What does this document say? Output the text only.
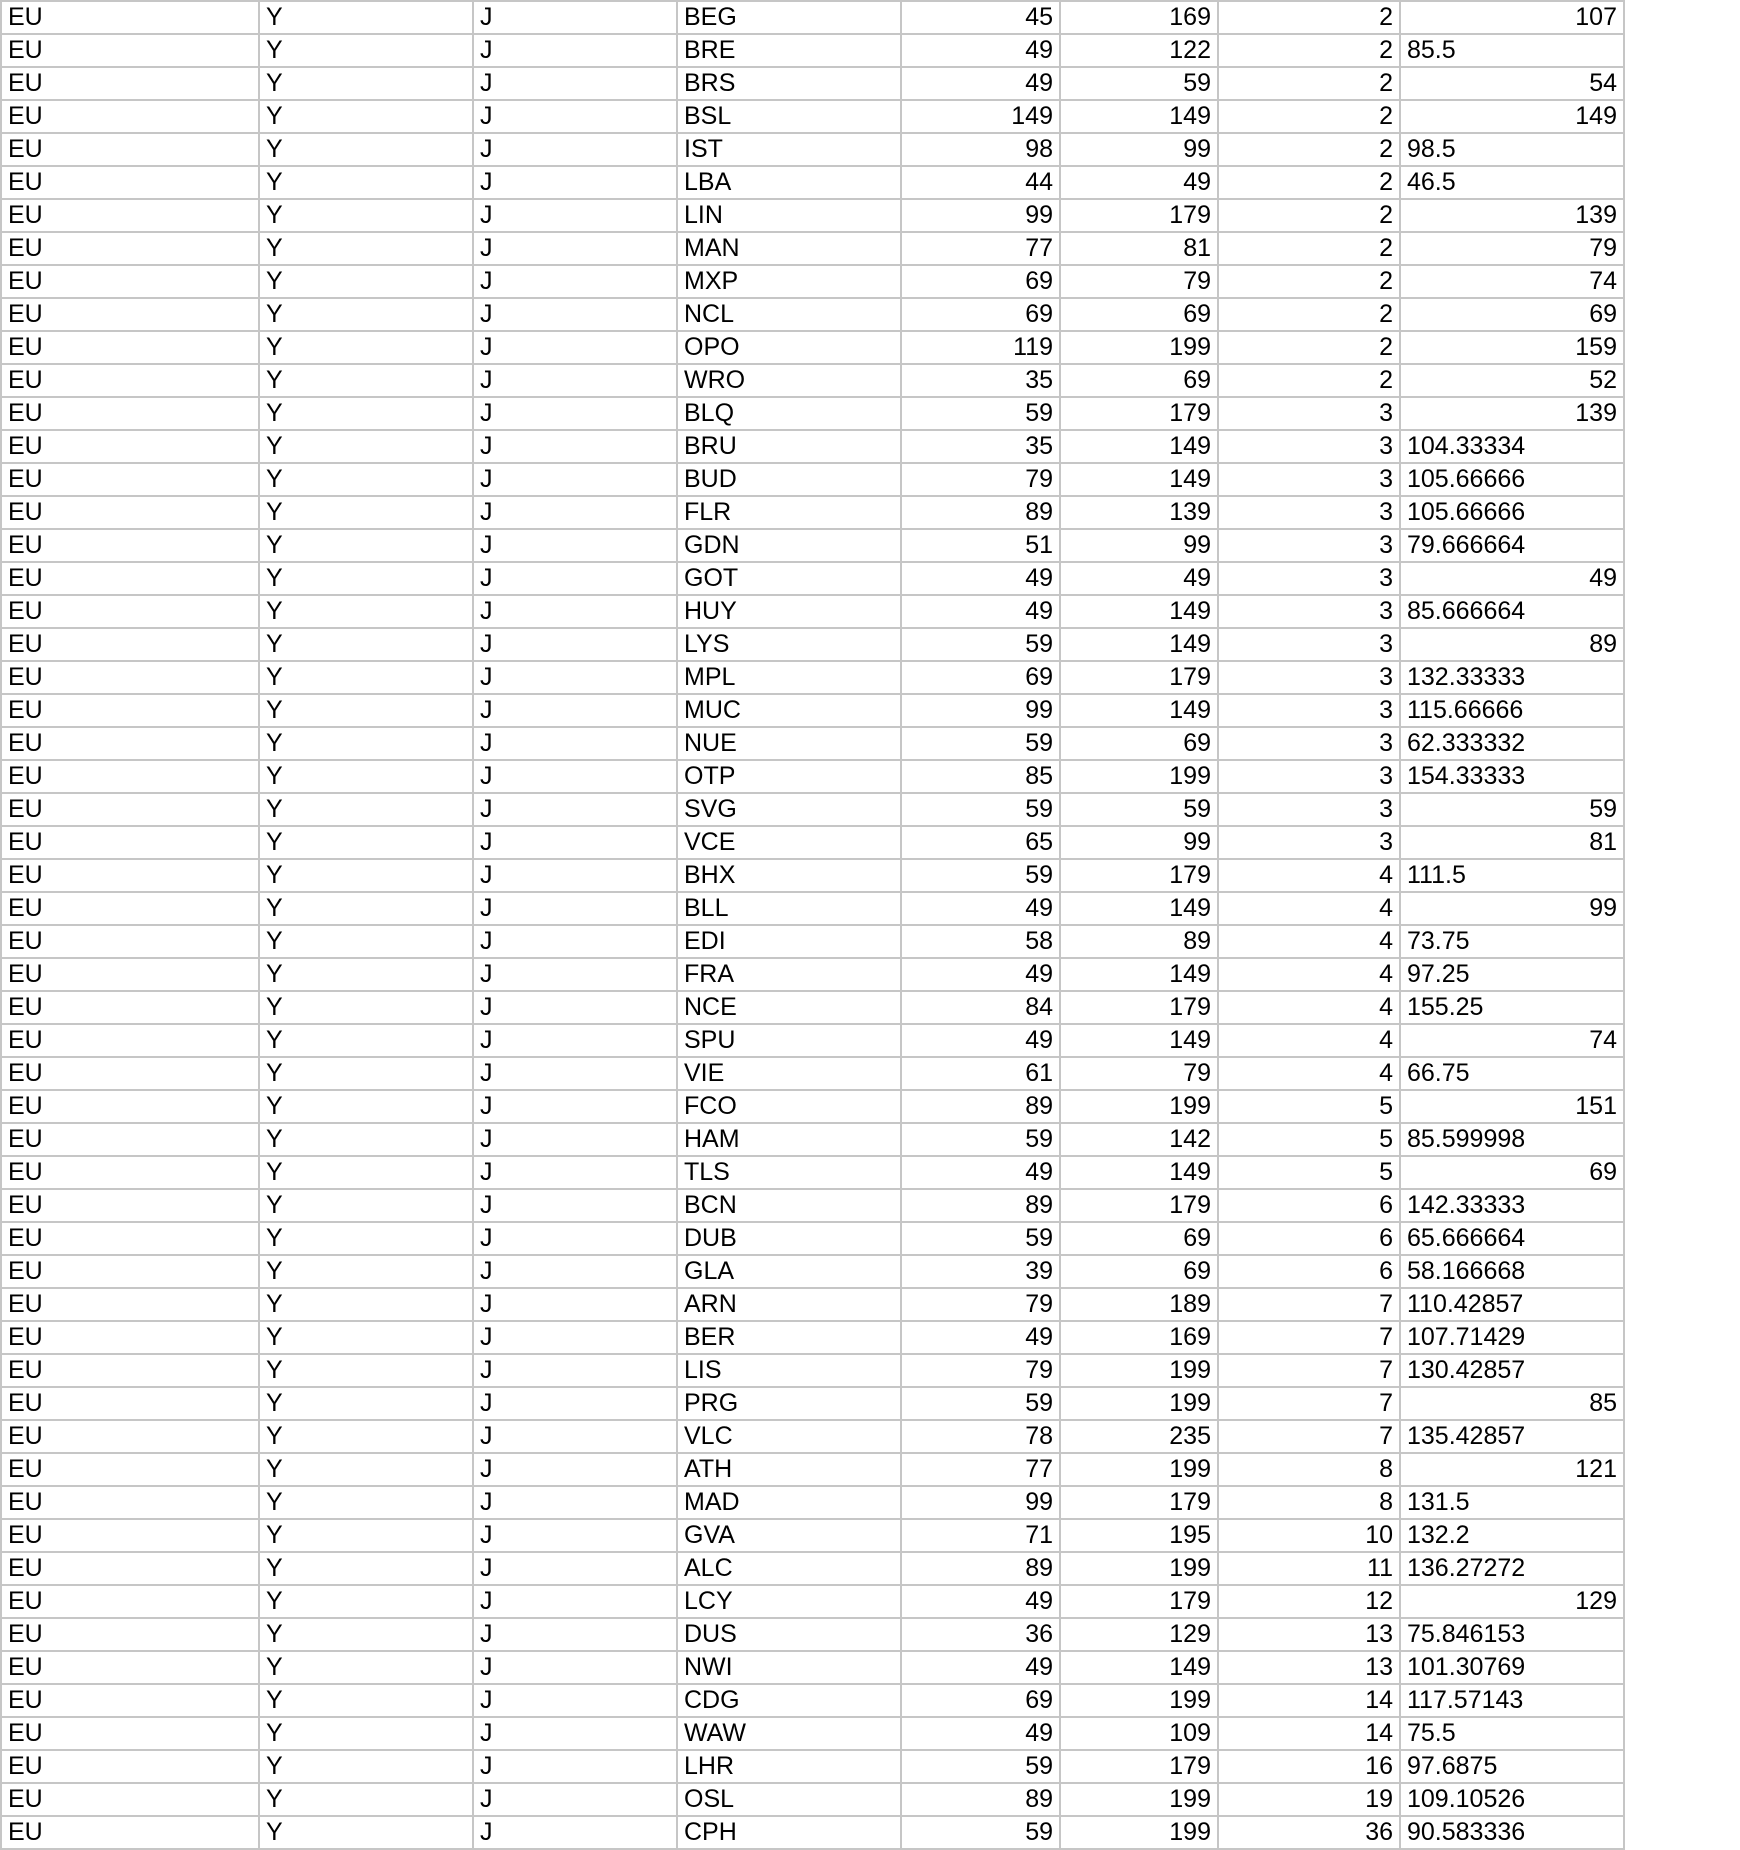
EU	Y	J	BEG	45	169	2	107
EU	Y	J	BRE	49	122	2	85.5
EU	Y	J	BRS	49	59	2	54
EU	Y	J	BSL	149	149	2	149
EU	Y	J	IST	98	99	2	98.5
EU	Y	J	LBA	44	49	2	46.5
EU	Y	J	LIN	99	179	2	139
EU	Y	J	MAN	77	81	2	79
EU	Y	J	MXP	69	79	2	74
EU	Y	J	NCL	69	69	2	69
EU	Y	J	OPO	119	199	2	159
EU	Y	J	WRO	35	69	2	52
EU	Y	J	BLQ	59	179	3	139
EU	Y	J	BRU	35	149	3	104.33334
EU	Y	J	BUD	79	149	3	105.66666
EU	Y	J	FLR	89	139	3	105.66666
EU	Y	J	GDN	51	99	3	79.666664
EU	Y	J	GOT	49	49	3	49
EU	Y	J	HUY	49	149	3	85.666664
EU	Y	J	LYS	59	149	3	89
EU	Y	J	MPL	69	179	3	132.33333
EU	Y	J	MUC	99	149	3	115.66666
EU	Y	J	NUE	59	69	3	62.333332
EU	Y	J	OTP	85	199	3	154.33333
EU	Y	J	SVG	59	59	3	59
EU	Y	J	VCE	65	99	3	81
EU	Y	J	BHX	59	179	4	111.5
EU	Y	J	BLL	49	149	4	99
EU	Y	J	EDI	58	89	4	73.75
EU	Y	J	FRA	49	149	4	97.25
EU	Y	J	NCE	84	179	4	155.25
EU	Y	J	SPU	49	149	4	74
EU	Y	J	VIE	61	79	4	66.75
EU	Y	J	FCO	89	199	5	151
EU	Y	J	HAM	59	142	5	85.599998
EU	Y	J	TLS	49	149	5	69
EU	Y	J	BCN	89	179	6	142.33333
EU	Y	J	DUB	59	69	6	65.666664
EU	Y	J	GLA	39	69	6	58.166668
EU	Y	J	ARN	79	189	7	110.42857
EU	Y	J	BER	49	169	7	107.71429
EU	Y	J	LIS	79	199	7	130.42857
EU	Y	J	PRG	59	199	7	85
EU	Y	J	VLC	78	235	7	135.42857
EU	Y	J	ATH	77	199	8	121
EU	Y	J	MAD	99	179	8	131.5
EU	Y	J	GVA	71	195	10	132.2
EU	Y	J	ALC	89	199	11	136.27272
EU	Y	J	LCY	49	179	12	129
EU	Y	J	DUS	36	129	13	75.846153
EU	Y	J	NWI	49	149	13	101.30769
EU	Y	J	CDG	69	199	14	117.57143
EU	Y	J	WAW	49	109	14	75.5
EU	Y	J	LHR	59	179	16	97.6875
EU	Y	J	OSL	89	199	19	109.10526
EU	Y	J	CPH	59	199	36	90.583336
